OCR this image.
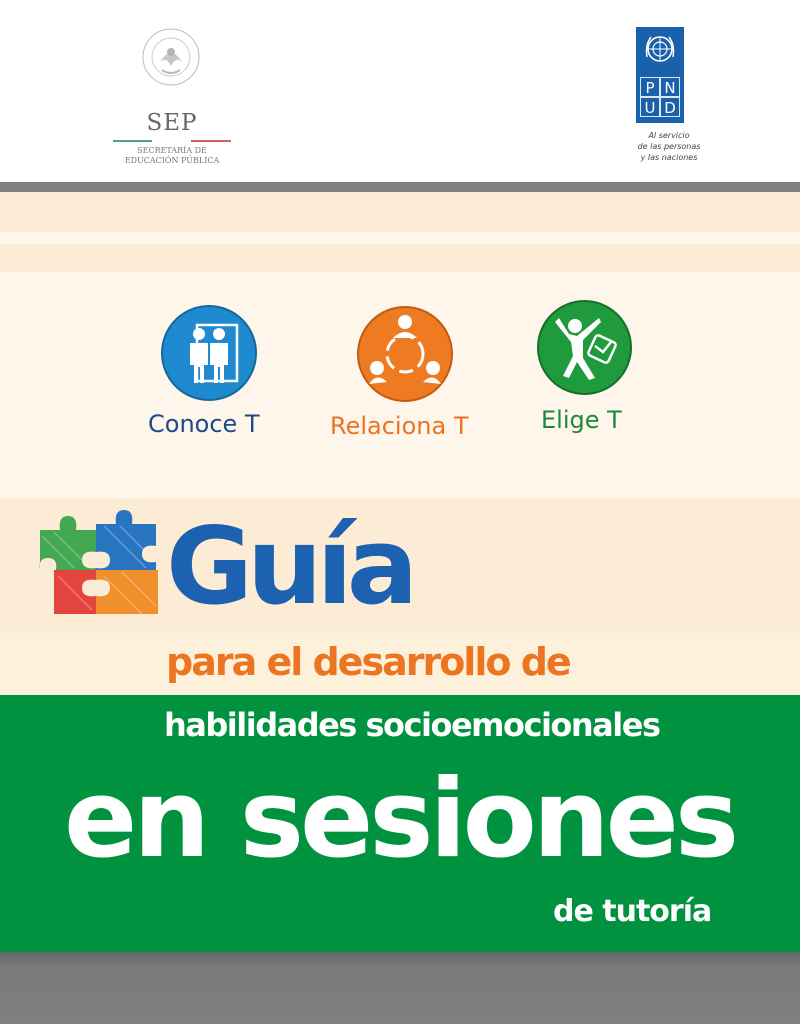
SEP
SECRETARÍA DE
EDUCACIÓN PÚBLICA
P N
U D
Al servicio
de las personas
y las naciones
Conoce T	Relaciona T	Elige T
Guía
para el desarrollo de
habilidades socioemocionales
en sesiones
de tutoría
